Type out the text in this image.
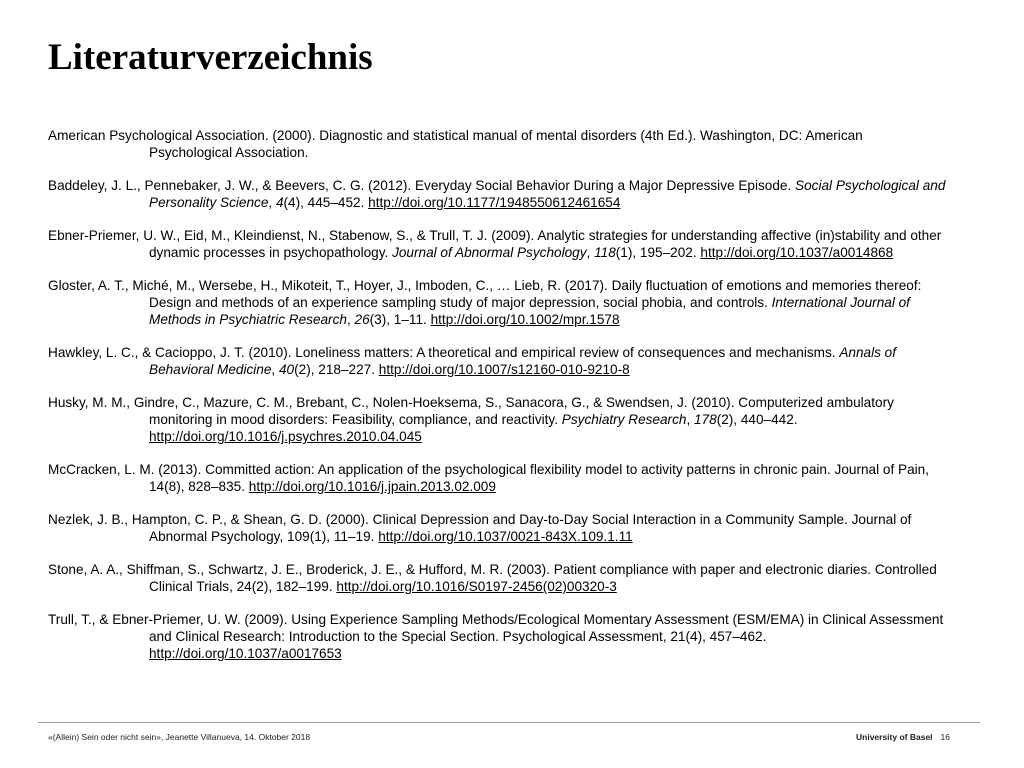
Literaturverzeichnis

American Psychological Association. (2000). Diagnostic and statistical manual of mental disorders (4th Ed.). Washington, DC: American Psychological Association.

Baddeley, J. L., Pennebaker, J. W., & Beevers, C. G. (2012). Everyday Social Behavior During a Major Depressive Episode. Social Psychological and Personality Science, 4(4), 445–452. http://doi.org/10.1177/1948550612461654

Ebner-Priemer, U. W., Eid, M., Kleindienst, N., Stabenow, S., & Trull, T. J. (2009). Analytic strategies for understanding affective (in)stability and other dynamic processes in psychopathology. Journal of Abnormal Psychology, 118(1), 195–202. http://doi.org/10.1037/a0014868

Gloster, A. T., Miché, M., Wersebe, H., Mikoteit, T., Hoyer, J., Imboden, C., … Lieb, R. (2017). Daily fluctuation of emotions and memories thereof: Design and methods of an experience sampling study of major depression, social phobia, and controls. International Journal of Methods in Psychiatric Research, 26(3), 1–11. http://doi.org/10.1002/mpr.1578

Hawkley, L. C., & Cacioppo, J. T. (2010). Loneliness matters: A theoretical and empirical review of consequences and mechanisms. Annals of Behavioral Medicine, 40(2), 218–227. http://doi.org/10.1007/s12160-010-9210-8

Husky, M. M., Gindre, C., Mazure, C. M., Brebant, C., Nolen-Hoeksema, S., Sanacora, G., & Swendsen, J. (2010). Computerized ambulatory monitoring in mood disorders: Feasibility, compliance, and reactivity. Psychiatry Research, 178(2), 440–442. http://doi.org/10.1016/j.psychres.2010.04.045

McCracken, L. M. (2013). Committed action: An application of the psychological flexibility model to activity patterns in chronic pain. Journal of Pain, 14(8), 828–835. http://doi.org/10.1016/j.jpain.2013.02.009

Nezlek, J. B., Hampton, C. P., & Shean, G. D. (2000). Clinical Depression and Day-to-Day Social Interaction in a Community Sample. Journal of Abnormal Psychology, 109(1), 11–19. http://doi.org/10.1037/0021-843X.109.1.11

Stone, A. A., Shiffman, S., Schwartz, J. E., Broderick, J. E., & Hufford, M. R. (2003). Patient compliance with paper and electronic diaries. Controlled Clinical Trials, 24(2), 182–199. http://doi.org/10.1016/S0197-2456(02)00320-3

Trull, T., & Ebner-Priemer, U. W. (2009). Using Experience Sampling Methods/Ecological Momentary Assessment (ESM/EMA) in Clinical Assessment and Clinical Research: Introduction to the Special Section. Psychological Assessment, 21(4), 457–462. http://doi.org/10.1037/a0017653

«(Allein) Sein oder nicht sein», Jeanette Villanueva, 14. Oktober 2018	University of Basel 16
